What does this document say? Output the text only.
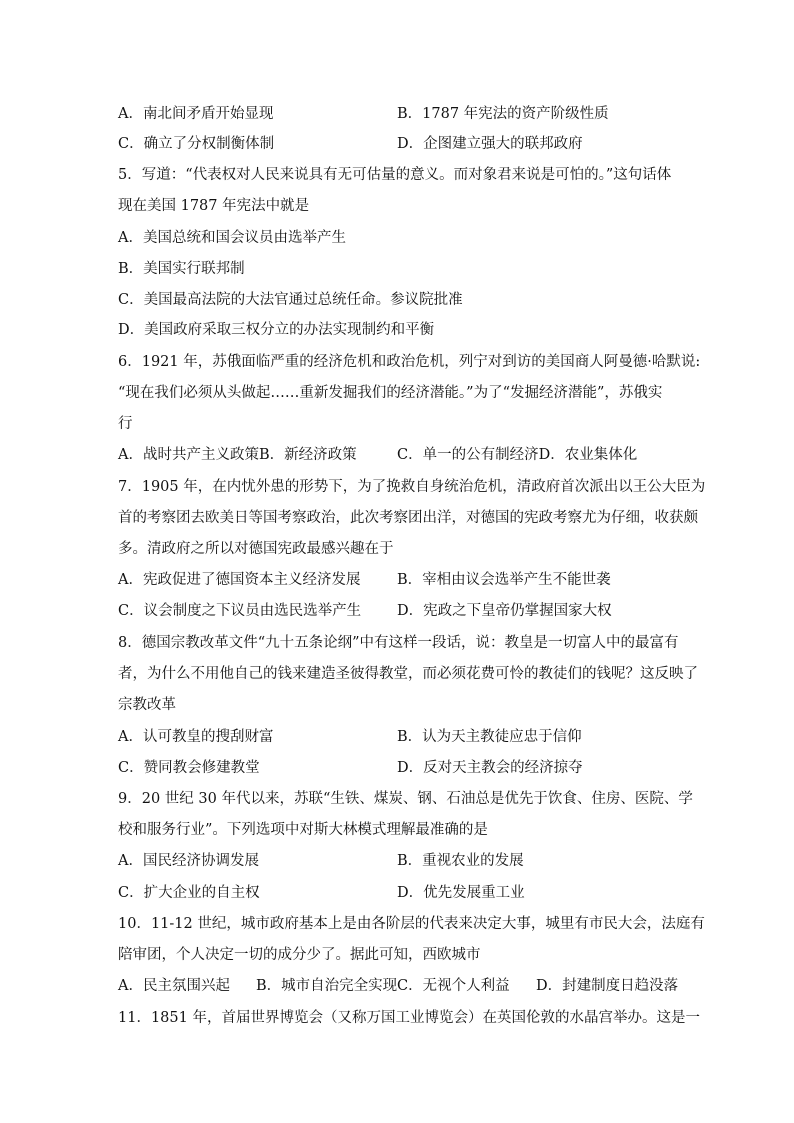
A．南北间矛盾开始显现	B．1787 年宪法的资产阶级性质
C．确立了分权制衡体制	D．企图建立强大的联邦政府
5．写道：“代表权对人民来说具有无可估量的意义。而对象君来说是可怕的。”这句话体
现在美国 1787 年宪法中就是
A．美国总统和国会议员由选举产生
B．美国实行联邦制
C．美国最高法院的大法官通过总统任命。参议院批准
D．美国政府采取三权分立的办法实现制约和平衡
6．1921 年，苏俄面临严重的经济危机和政治危机，列宁对到访的美国商人阿曼德·哈默说:
“现在我们必须从头做起……重新发掘我们的经济潜能。”为了“发掘经济潜能”，苏俄实
行
A．战时共产主义政策B．新经济政策	C．单一的公有制经济D．农业集体化
7．1905 年，在内忧外患的形势下，为了挽救自身统治危机，清政府首次派出以王公大臣为
首的考察团去欧美日等国考察政治，此次考察团出洋，对德国的宪政考察尤为仔细，收获颇
多。清政府之所以对德国宪政最感兴趣在于
A．宪政促进了德国资本主义经济发展	B．宰相由议会选举产生不能世袭
C．议会制度之下议员由选民选举产生 D．宪政之下皇帝仍掌握国家大权
8．德国宗教改革文件“九十五条论纲”中有这样一段话，说：教皇是一切富人中的最富有
者，为什么不用他自己的钱来建造圣彼得教堂，而必须花费可怜的教徒们的钱呢？这反映了
宗教改革
A．认可教皇的搜刮财富	B．认为天主教徒应忠于信仰
C．赞同教会修建教堂	D．反对天主教会的经济掠夺
9．20 世纪 30 年代以来，苏联“生铁、煤炭、钢、石油总是优先于饮食、住房、医院、学
校和服务行业”。下列选项中对斯大林模式理解最准确的是
A．国民经济协调发展	B．重视农业的发展
C．扩大企业的自主权	D．优先发展重工业
10．11-12 世纪，城市政府基本上是由各阶层的代表来决定大事，城里有市民大会，法庭有
陪审团，个人决定一切的成分少了。据此可知，西欧城市
A．民主氛围兴起 B．城市自治完全实现 C．无视个人利益 D．封建制度日趋没落
11．1851 年，首届世界博览会（又称万国工业博览会）在英国伦敦的水晶宫举办。这是一
